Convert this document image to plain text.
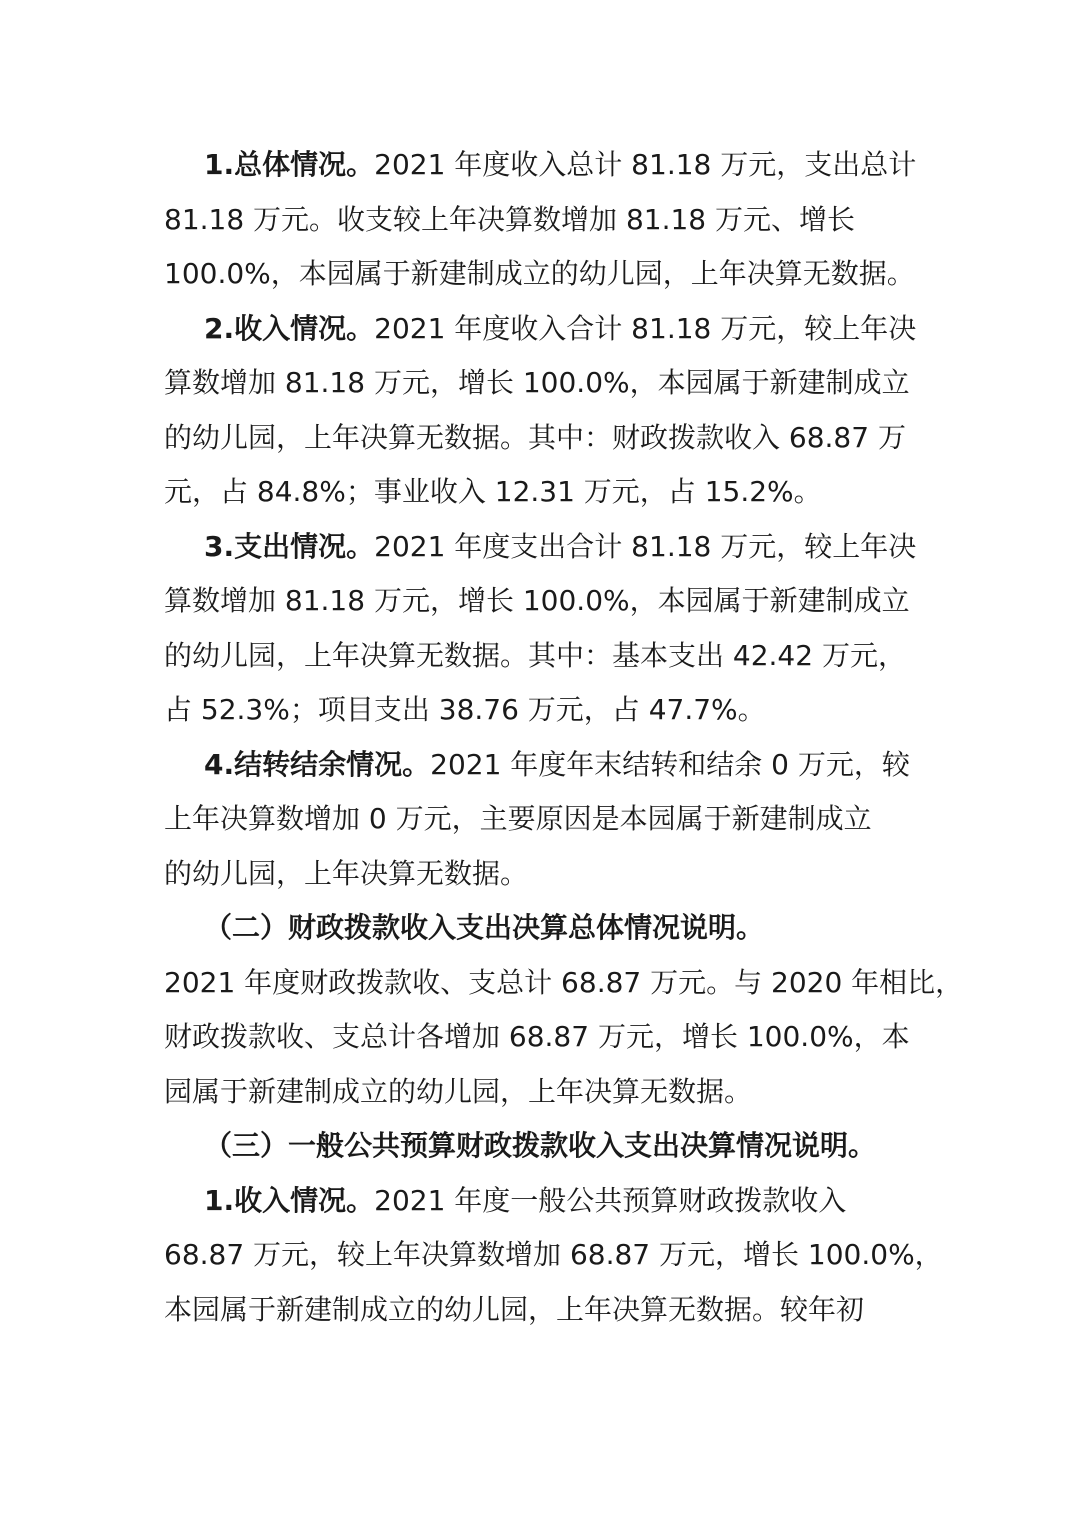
1.总体情况。2021 年度收入总计 81.18 万元，支出总计
81.18 万元。收支较上年决算数增加 81.18 万元、增长
100.0%，本园属于新建制成立的幼儿园，上年决算无数据。
2.收入情况。2021 年度收入合计 81.18 万元，较上年决
算数增加 81.18 万元，增长 100.0%，本园属于新建制成立
的幼儿园，上年决算无数据。其中：财政拨款收入 68.87 万
元，占 84.8%；事业收入 12.31 万元，占 15.2%。
3.支出情况。2021 年度支出合计 81.18 万元，较上年决
算数增加 81.18 万元，增长 100.0%，本园属于新建制成立
的幼儿园，上年决算无数据。其中：基本支出 42.42 万元，
占 52.3%；项目支出 38.76 万元，占 47.7%。
4.结转结余情况。2021 年度年末结转和结余 0 万元，较
上年决算数增加 0 万元，主要原因是本园属于新建制成立
的幼儿园，上年决算无数据。
（二）财政拨款收入支出决算总体情况说明。
2021 年度财政拨款收、支总计 68.87 万元。与 2020 年相比，
财政拨款收、支总计各增加 68.87 万元，增长 100.0%，本
园属于新建制成立的幼儿园，上年决算无数据。
（三）一般公共预算财政拨款收入支出决算情况说明。
1.收入情况。2021 年度一般公共预算财政拨款收入
68.87 万元，较上年决算数增加 68.87 万元，增长 100.0%，
本园属于新建制成立的幼儿园，上年决算无数据。较年初
